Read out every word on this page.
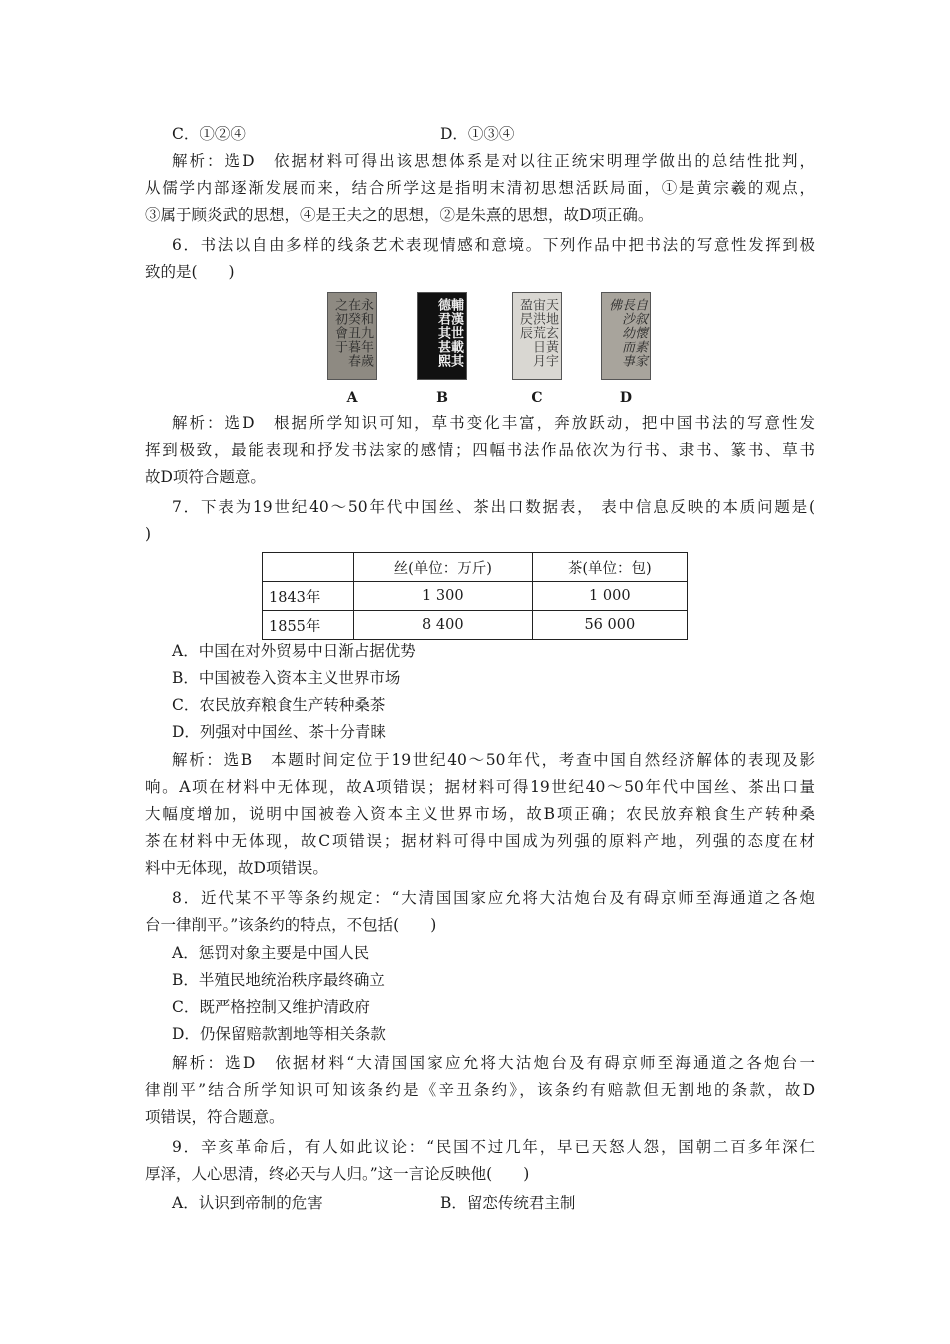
C．①②④	D．①③④
解析：选D　依据材料可得出该思想体系是对以往正统宋明理学做出的总结性批判，
从儒学内部逐渐发展而来，结合所学这是指明末清初思想活跃局面，①是黄宗羲的观点，
③属于顾炎武的思想，④是王夫之的思想，②是朱熹的思想，故D项正确。
6．书法以自由多样的线条艺术表现情感和意境。下列作品中把书法的写意性发挥到极
致的是(　　)
永和九年歲在癸丑暮春之初會于	輔漢世載其德君其甚熙	天地玄黃宇宙洪荒日月盈昃辰	自叙懷素家長沙幼而事佛
A	B	C	D
解析：选D　根据所学知识可知，草书变化丰富，奔放跃动，把中国书法的写意性发
挥到极致，最能表现和抒发书法家的感情；四幅书法作品依次为行书、隶书、篆书、草书
故D项符合题意。
7．下表为19世纪40～50年代中国丝、茶出口数据表， 表中信息反映的本质问题是(
)
	丝(单位：万斤)	茶(单位：包)
1843年	1 300	1 000
1855年	8 400	56 000
A．中国在对外贸易中日渐占据优势
B．中国被卷入资本主义世界市场
C．农民放弃粮食生产转种桑茶
D．列强对中国丝、茶十分青睐
解析：选B　本题时间定位于19世纪40～50年代，考查中国自然经济解体的表现及影
响。A项在材料中无体现，故A项错误；据材料可得19世纪40～50年代中国丝、茶出口量
大幅度增加，说明中国被卷入资本主义世界市场，故B项正确；农民放弃粮食生产转种桑
茶在材料中无体现，故C项错误；据材料可得中国成为列强的原料产地，列强的态度在材
料中无体现，故D项错误。
8．近代某不平等条约规定：“大清国国家应允将大沽炮台及有碍京师至海通道之各炮
台一律削平。”该条约的特点，不包括(　　)
A．惩罚对象主要是中国人民
B．半殖民地统治秩序最终确立
C．既严格控制又维护清政府
D．仍保留赔款割地等相关条款
解析：选D　依据材料“大清国国家应允将大沽炮台及有碍京师至海通道之各炮台一
律削平”结合所学知识可知该条约是《辛丑条约》，该条约有赔款但无割地的条款，故D
项错误，符合题意。
9．辛亥革命后，有人如此议论：“民国不过几年，早已天怒人怨，国朝二百多年深仁
厚泽，人心思清，终必天与人归。”这一言论反映他(　　)
A．认识到帝制的危害	B．留恋传统君主制
